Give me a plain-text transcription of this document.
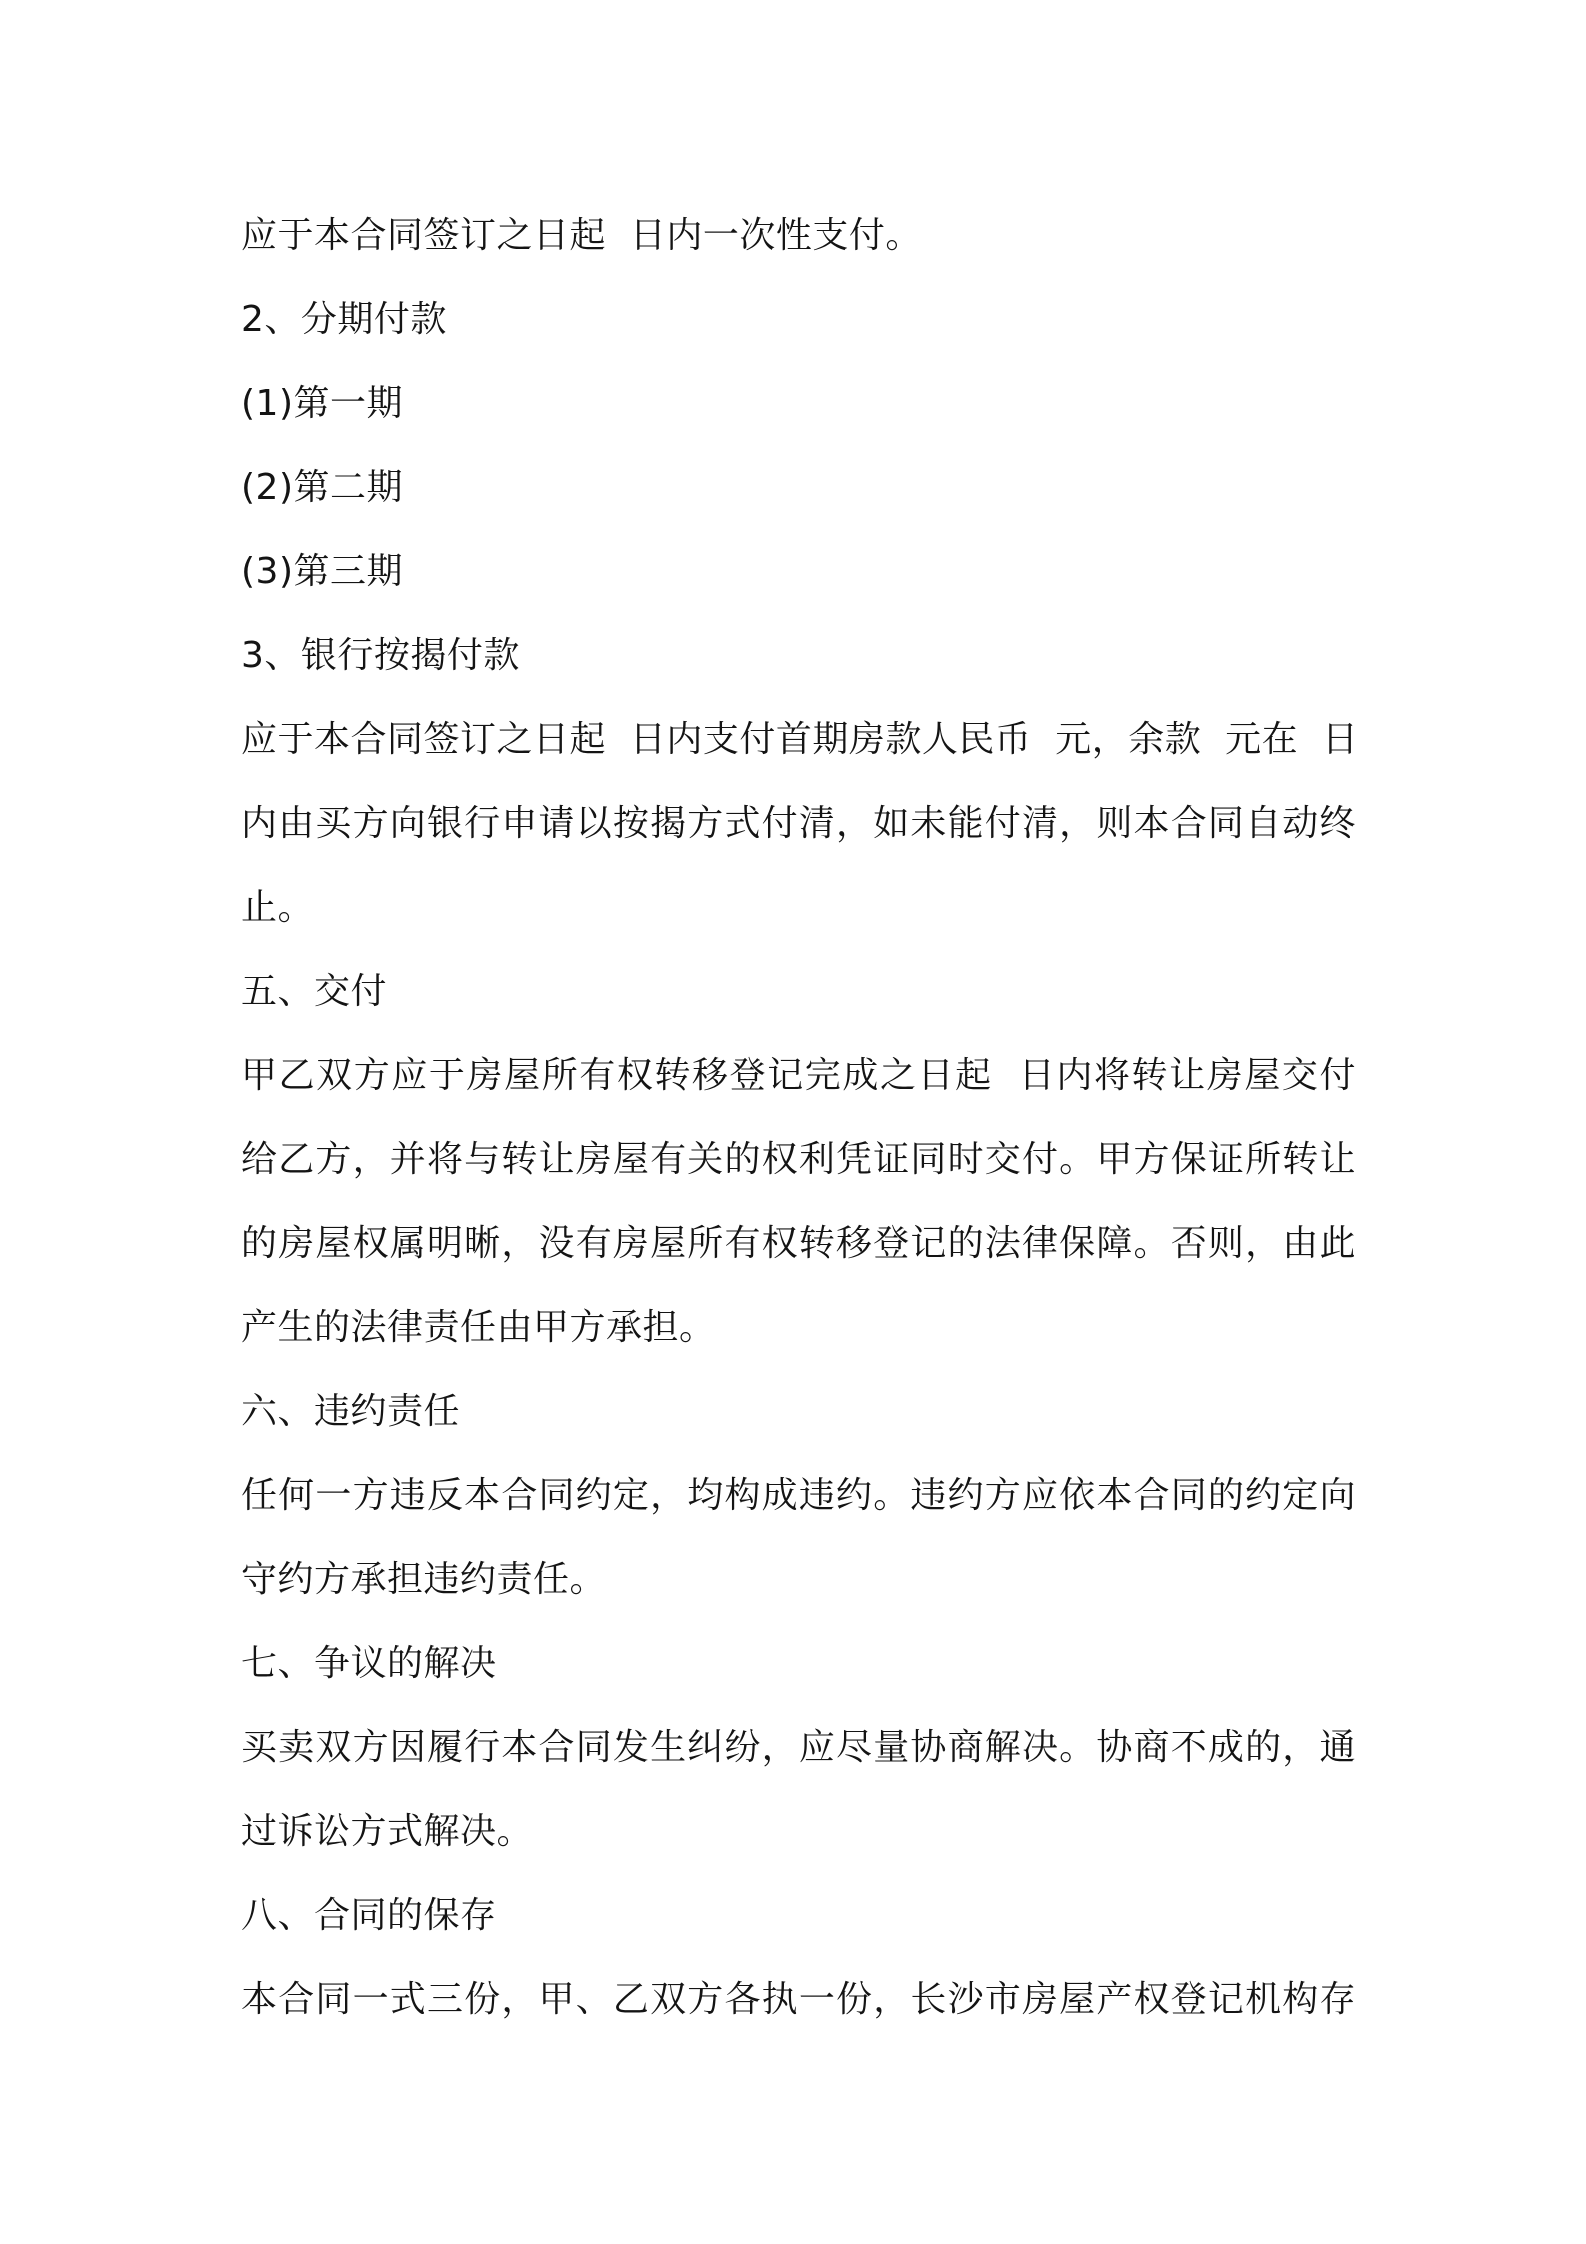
应于本合同签订之日起  日内一次性支付。

2、分期付款

(1)第一期

(2)第二期

(3)第三期

3、银行按揭付款

应于本合同签订之日起  日内支付首期房款人民币  元，余款  元在  日

内由买方向银行申请以按揭方式付清，如未能付清，则本合同自动终

止。

五、交付

甲乙双方应于房屋所有权转移登记完成之日起  日内将转让房屋交付

给乙方，并将与转让房屋有关的权利凭证同时交付。甲方保证所转让

的房屋权属明晰，没有房屋所有权转移登记的法律保障。否则，由此

产生的法律责任由甲方承担。

六、违约责任

任何一方违反本合同约定，均构成违约。违约方应依本合同的约定向

守约方承担违约责任。

七、争议的解决

买卖双方因履行本合同发生纠纷，应尽量协商解决。协商不成的，通

过诉讼方式解决。

八、合同的保存

本合同一式三份，甲、乙双方各执一份，长沙市房屋产权登记机构存
